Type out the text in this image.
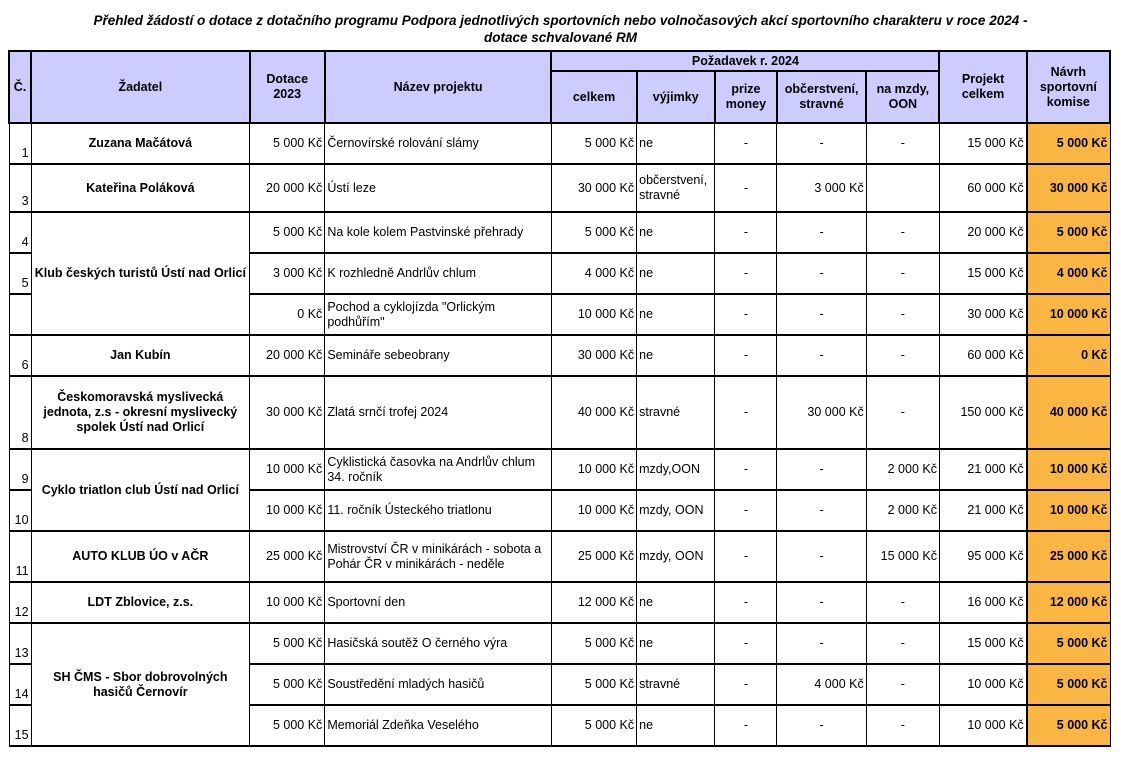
Přehled žádostí o dotace z dotačního programu Podpora jednotlivých sportovních nebo volnočasových akcí sportovního charakteru v roce 2024 -
dotace schvalované RM
Č.	Žadatel	Dotace 2023	Název projektu	Požadavek r. 2024					Projekt celkem	Návrh sportovní komise
				celkem	výjimky	prize money	občerstvení, stravné	na mzdy, OON		
1	Zuzana Mačátová	5 000 Kč	Černovírské rolování slámy	5 000 Kč	ne	-	-	-	15 000 Kč	5 000 Kč
3	Kateřina Poláková	20 000 Kč	Ústí leze	30 000 Kč	občerstvení, stravné	-	3 000 Kč		60 000 Kč	30 000 Kč
4	Klub českých turistů Ústí nad Orlicí	5 000 Kč	Na kole kolem Pastvinské přehrady	5 000 Kč	ne	-	-	-	20 000 Kč	5 000 Kč
5		3 000 Kč	K rozhledně Andrlův chlum	4 000 Kč	ne	-	-	-	15 000 Kč	4 000 Kč
		0 Kč	Pochod a cyklojízda "Orlickým podhůřím"	10 000 Kč	ne	-	-	-	30 000 Kč	10 000 Kč
6	Jan Kubín	20 000 Kč	Semináře sebeobrany	30 000 Kč	ne	-	-	-	60 000 Kč	0 Kč
8	Českomoravská myslivecká jednota, z.s - okresní myslivecký spolek Ústí nad Orlicí	30 000 Kč	Zlatá srnčí trofej 2024	40 000 Kč	stravné	-	30 000 Kč	-	150 000 Kč	40 000 Kč
9	Cyklo triatlon club Ústí nad Orlicí	10 000 Kč	Cyklistická časovka na Andrlův chlum 34. ročník	10 000 Kč	mzdy,OON	-	-	2 000 Kč	21 000 Kč	10 000 Kč
10		10 000 Kč	11. ročník Ústeckého triatlonu	10 000 Kč	mzdy, OON	-	-	2 000 Kč	21 000 Kč	10 000 Kč
11	AUTO KLUB ÚO v AČR	25 000 Kč	Mistrovství ČR v minikárách - sobota a Pohár ČR v minikárách - neděle	25 000 Kč	mzdy, OON	-	-	15 000 Kč	95 000 Kč	25 000 Kč
12	LDT Zblovice, z.s.	10 000 Kč	Sportovní den	12 000 Kč	ne	-	-	-	16 000 Kč	12 000 Kč
13	SH ČMS - Sbor dobrovolných hasičů Černovír	5 000 Kč	Hasičská soutěž O černého výra	5 000 Kč	ne	-	-	-	15 000 Kč	5 000 Kč
14		5 000 Kč	Soustředění mladých hasičů	5 000 Kč	stravné	-	4 000 Kč	-	10 000 Kč	5 000 Kč
15		5 000 Kč	Memoriál Zdeňka Veselého	5 000 Kč	ne	-	-	-	10 000 Kč	5 000 Kč
